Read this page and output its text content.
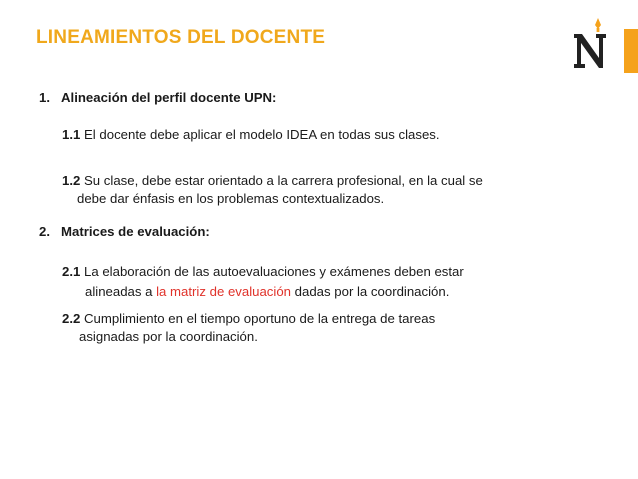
LINEAMIENTOS DEL DOCENTE
1. Alineación del perfil docente UPN:
1.1 El docente debe aplicar el modelo IDEA en todas sus clases.
1.2 Su clase, debe estar orientado a la carrera profesional, en la cual se
debe dar énfasis en los problemas contextualizados.
2. Matrices de evaluación:
2.1 La elaboración de las autoevaluaciones y exámenes deben estar
alineadas a la matriz de evaluación dadas por la coordinación.
2.2 Cumplimiento en el tiempo oportuno de la entrega de tareas
asignadas por la coordinación.
